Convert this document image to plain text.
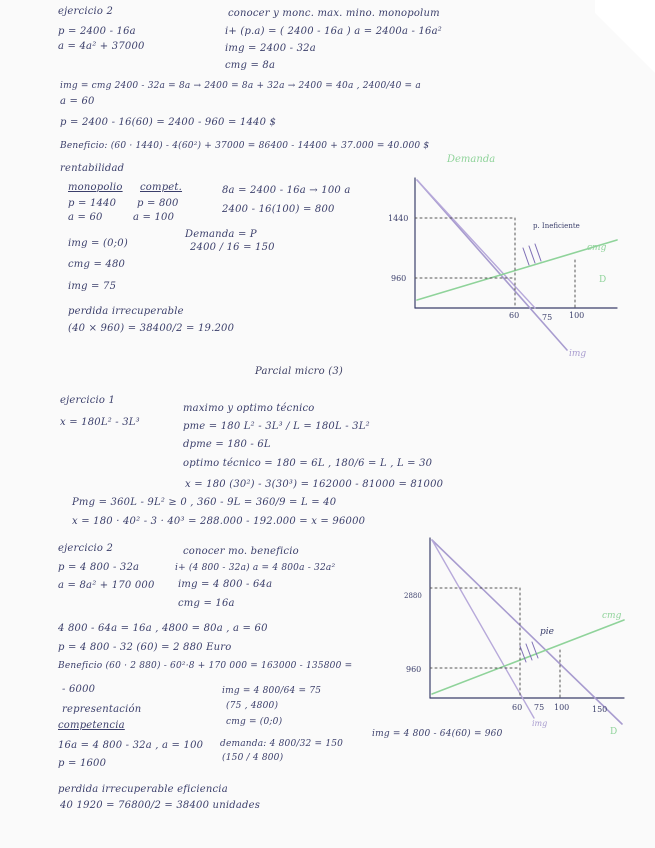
ejercicio 2	conocer y monc. max. mino. monopolum
p = 2400 - 16a	i+ (p.a) = ( 2400 - 16a ) a = 2400a - 16a²
a = 4a² + 37000	img = 2400 - 32a
cmg = 8a
img = cmg 2400 - 32a = 8a → 2400 = 8a + 32a → 2400 = 40a , 2400/40 = a
a = 60
p = 2400 - 16(60) = 2400 - 960 = 1440 $
Beneficio: (60 · 1440) - 4(60²) + 37000 = 86400 - 14400 + 37.000 = 40.000 $
rentabilidad
monopolio compet.
p = 1440 p = 800
a = 60	a = 100
8a = 2400 - 16a → 100 a
2400 - 16(100) = 800
Demanda = P
2400 / 16 = 150
img = (0;0)
cmg = 480
img = 75
perdida irrecuperable
(40 × 960) = 38400/2 = 19.200
Demanda
1440
960
60	75 100
p. Ineficiente
cmg
D
img
Parcial micro (3)
ejercicio 1
maximo y optimo técnico
x = 180L² - 3L³	pme = 180 L² - 3L³ / L = 180L - 3L²
dpme = 180 - 6L
optimo técnico = 180 = 6L , 180/6 = L , L = 30
x = 180 (30²) - 3(30³) = 162000 - 81000 = 81000
Pmg = 360L - 9L² ≥ 0 , 360 - 9L = 360/9 = L = 40
x = 180 · 40² - 3 · 40³ = 288.000 - 192.000 = x = 96000
ejercicio 2	conocer mo. beneficio
p = 4 800 - 32a	i+ (4 800 - 32a) a = 4 800a - 32a²
a = 8a² + 170 000 img = 4 800 - 64a
cmg = 16a
4 800 - 64a = 16a , 4800 = 80a , a = 60
p = 4 800 - 32 (60) = 2 880 Euro
Beneficio (60 · 2 880) - 60²·8 + 170 000 = 163000 - 135800 =
- 6000	img = 4 800/64 = 75
(75 , 4800)
cmg = (0;0)
representación
competencia
16a = 4 800 - 32a , a = 100 demanda: 4 800/32 = 150
p = 1600	(150 / 4 800)
img = 4 800 - 64(60) = 960
perdida irrecuperable eficiencia
40 1920 = 76800/2 = 38400 unidades
2880
960
60 75 100	150
cmg
pie
img
D
